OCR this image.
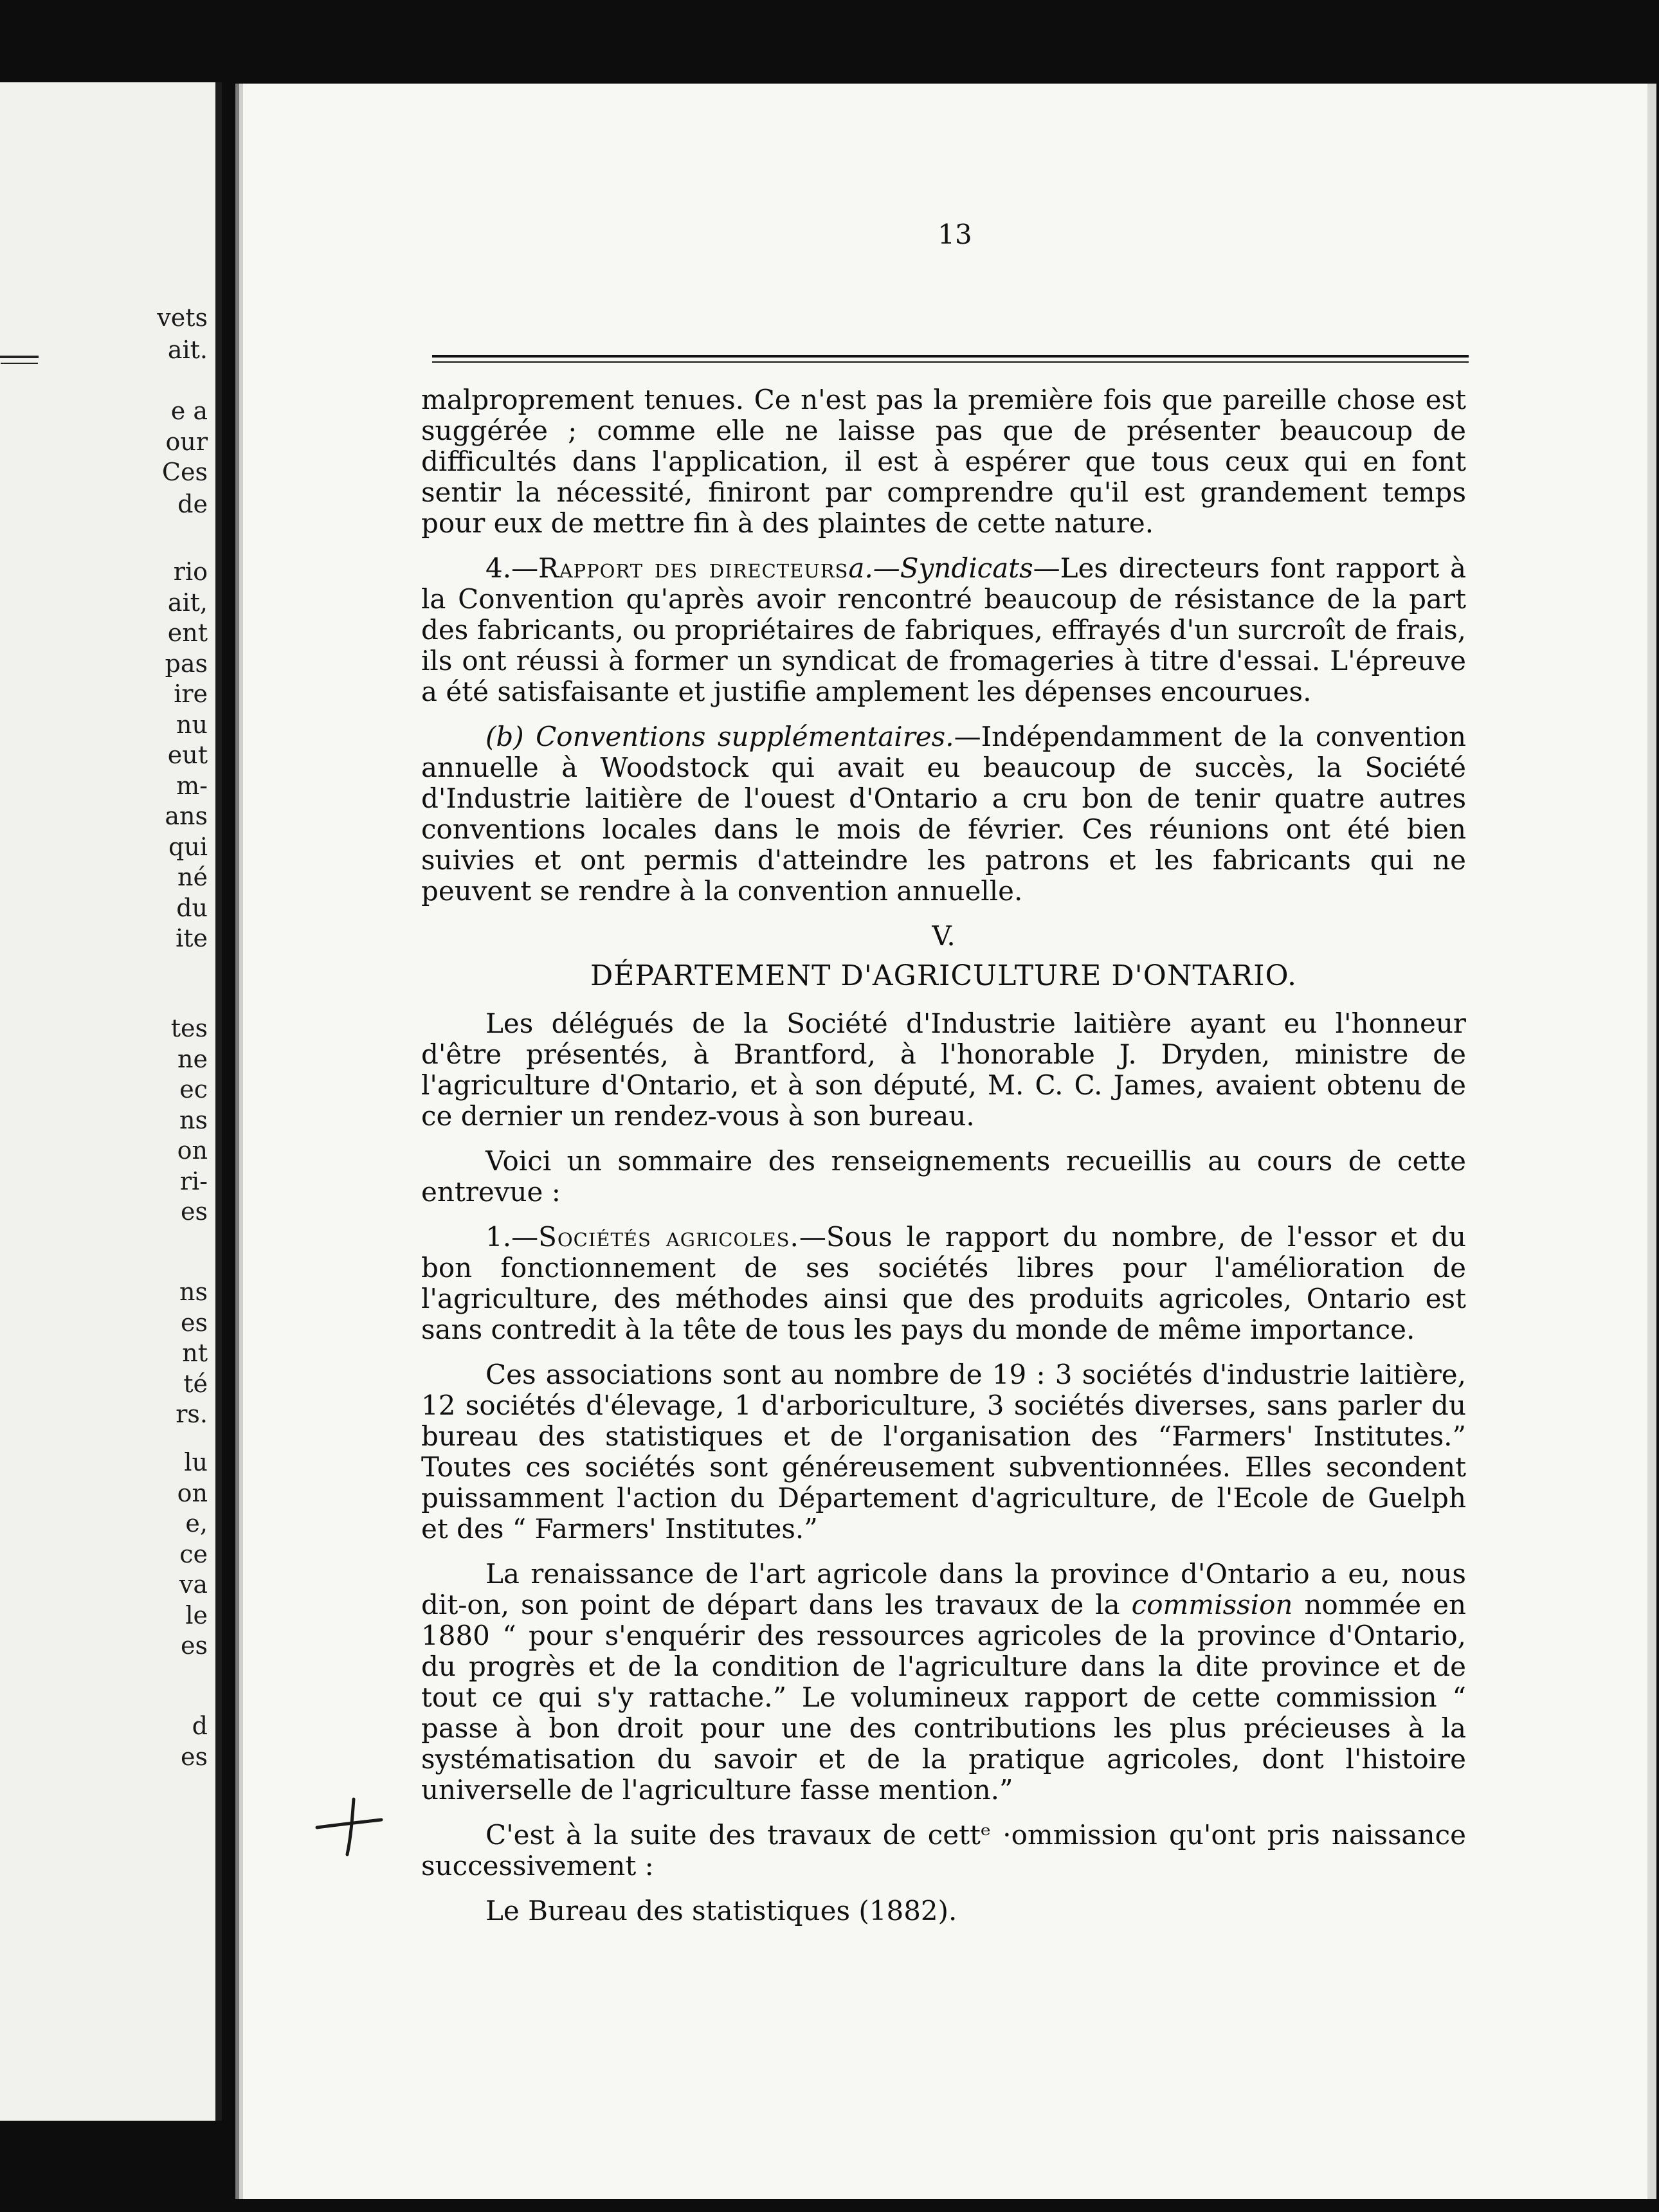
vets
ait.
e a
our
Ces
de
rio
ait,
ent
pas
ire
nu
eut
m-
ans
qui
né
du
ite
tes
ne
ec
ns
on
ri-
es
ns
es
nt
té
rs.
lu
on
e,
ce
va
le
es
d
es
13

malproprement tenues. Ce n'est pas la première fois que pareille chose est suggérée ; comme elle ne laisse pas que de présenter beaucoup de difficultés dans l'application, il est à espérer que tous ceux qui en font sentir la nécessité, finiront par comprendre qu'il est grandement temps pour eux de mettre fin à des plaintes de cette nature.

4.—Rapport des directeursa.—Syndicats—Les directeurs font rapport à la Convention qu'après avoir rencontré beaucoup de résistance de la part des fabricants, ou propriétaires de fabriques, effrayés d'un surcroît de frais, ils ont réussi à former un syndicat de fromageries à titre d'essai. L'épreuve a été satisfaisante et justifie amplement les dépenses encourues.

(b) Conventions supplémentaires.—Indépendamment de la convention annuelle à Woodstock qui avait eu beaucoup de succès, la Société d'Industrie laitière de l'ouest d'Ontario a cru bon de tenir quatre autres conventions locales dans le mois de février. Ces réunions ont été bien suivies et ont permis d'atteindre les patrons et les fabricants qui ne peuvent se rendre à la convention annuelle.

V.
DÉPARTEMENT D'AGRICULTURE D'ONTARIO.

Les délégués de la Société d'Industrie laitière ayant eu l'honneur d'être présentés, à Brantford, à l'honorable J. Dryden, ministre de l'agriculture d'Ontario, et à son député, M. C. C. James, avaient obtenu de ce dernier un rendez-vous à son bureau.

Voici un sommaire des renseignements recueillis au cours de cette entrevue :

1.—Sociétés agricoles.—Sous le rapport du nombre, de l'essor et du bon fonctionnement de ses sociétés libres pour l'amélioration de l'agriculture, des méthodes ainsi que des produits agricoles, Ontario est sans contredit à la tête de tous les pays du monde de même importance.

Ces associations sont au nombre de 19 : 3 sociétés d'industrie laitière, 12 sociétés d'élevage, 1 d'arboriculture, 3 sociétés diverses, sans parler du bureau des statistiques et de l'organisation des “Farmers' Institutes.” Toutes ces sociétés sont généreusement subventionnées. Elles secondent puissamment l'action du Département d'agriculture, de l'Ecole de Guelph et des “ Farmers' Institutes.”

La renaissance de l'art agricole dans la province d'Ontario a eu, nous dit-on, son point de départ dans les travaux de la commission nommée en 1880 “ pour s'enquérir des ressources agricoles de la province d'Ontario, du progrès et de la condition de l'agriculture dans la dite province et de tout ce qui s'y rattache.” Le volumineux rapport de cette commission “ passe à bon droit pour une des contributions les plus précieuses à la systématisation du savoir et de la pratique agricoles, dont l'histoire universelle de l'agriculture fasse mention.”

C'est à la suite des travaux de cettᵉ ·ommission qu'ont pris naissance successivement :

Le Bureau des statistiques (1882).
